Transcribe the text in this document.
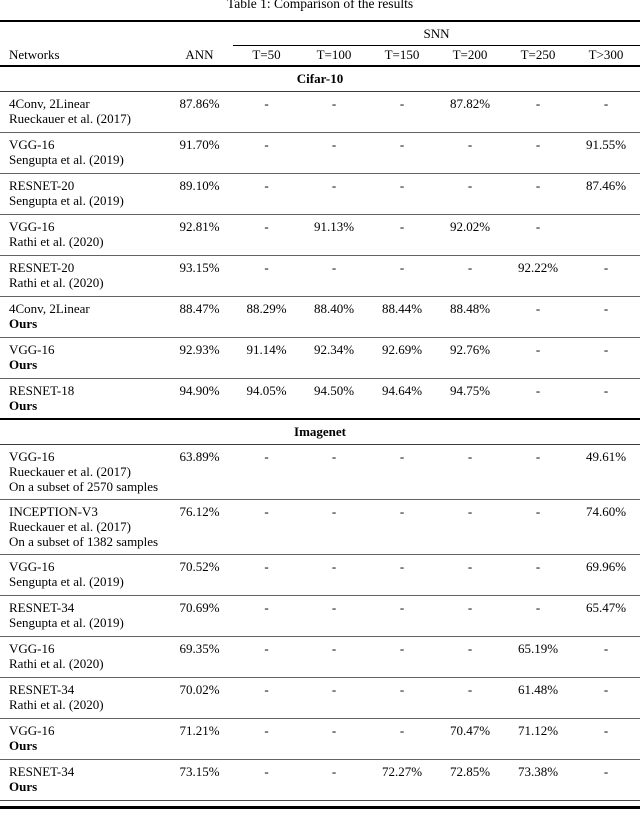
Table 1: Comparison of the results
		SNN					
Networks	ANN	T=50	T=100	T=150	T=200	T=250	T>300
Cifar-10							

4Conv, 2Linear
Rueckauer et al. (2017)	87.86%	-	-	-	87.82%	-	-

VGG-16
Sengupta et al. (2019)	91.70%	-	-	-	-	-	91.55%

RESNET-20
Sengupta et al. (2019)	89.10%	-	-	-	-	-	87.46%

VGG-16
Rathi et al. (2020)	92.81%	-	91.13%	-	92.02%	-	

RESNET-20
Rathi et al. (2020)	93.15%	-	-	-	-	92.22%	-

4Conv, 2Linear
Ours	88.47%	88.29%	88.40%	88.44%	88.48%	-	-

VGG-16
Ours	92.93%	91.14%	92.34%	92.69%	92.76%	-	-

RESNET-18
Ours	94.90%	94.05%	94.50%	94.64%	94.75%	-	-
Imagenet							

VGG-16
Rueckauer et al. (2017)
On a subset of 2570 samples	63.89%	-	-	-	-	-	49.61%

INCEPTION-V3
Rueckauer et al. (2017)
On a subset of 1382 samples	76.12%	-	-	-	-	-	74.60%

VGG-16
Sengupta et al. (2019)	70.52%	-	-	-	-	-	69.96%

RESNET-34
Sengupta et al. (2019)	70.69%	-	-	-	-	-	65.47%

VGG-16
Rathi et al. (2020)	69.35%	-	-	-	-	65.19%	-

RESNET-34
Rathi et al. (2020)	70.02%	-	-	-	-	61.48%	-

VGG-16
Ours	71.21%	-	-	-	70.47%	71.12%	-

RESNET-34
Ours	73.15%	-	-	72.27%	72.85%	73.38%	-
